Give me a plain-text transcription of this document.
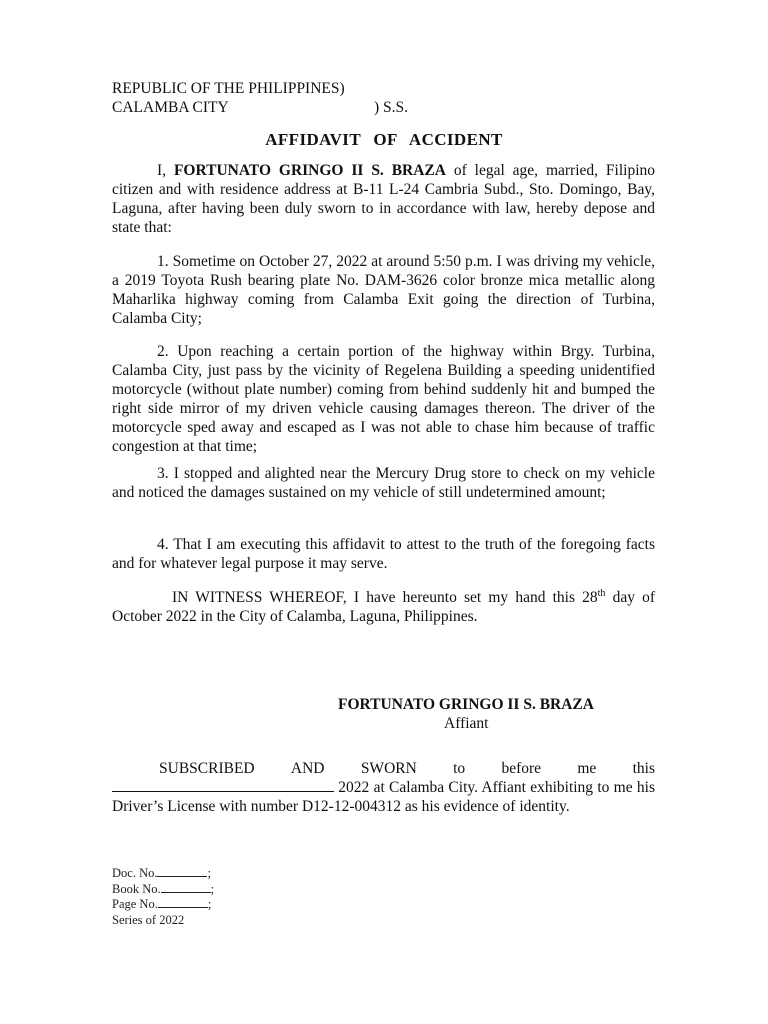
REPUBLIC OF THE PHILIPPINES)
CALAMBA CITY	) S.S.
AFFIDAVIT OF ACCIDENT
I, FORTUNATO GRINGO II S. BRAZA of legal age, married, Filipino citizen and with residence address at B-11 L-24 Cambria Subd., Sto. Domingo, Bay, Laguna, after having been duly sworn to in accordance with law, hereby depose and state that:
1. Sometime on October 27, 2022 at around 5:50 p.m. I was driving my vehicle, a 2019 Toyota Rush bearing plate No. DAM-3626 color bronze mica metallic along Maharlika highway coming from Calamba Exit going the direction of Turbina, Calamba City;
2. Upon reaching a certain portion of the highway within Brgy. Turbina, Calamba City, just pass by the vicinity of Regelena Building a speeding unidentified motorcycle (without plate number) coming from behind suddenly hit and bumped the right side mirror of my driven vehicle causing damages thereon. The driver of the motorcycle sped away and escaped as I was not able to chase him because of traffic congestion at that time;
3. I stopped and alighted near the Mercury Drug store to check on my vehicle and noticed the damages sustained on my vehicle of still undetermined amount;
4. That I am executing this affidavit to attest to the truth of the foregoing facts and for whatever legal purpose it may serve.
IN WITNESS WHEREOF, I have hereunto set my hand this 28th day of October 2022 in the City of Calamba, Laguna, Philippines.
FORTUNATO GRINGO II S. BRAZA
Affiant
SUBSCRIBED AND SWORN to before me this
2022 at Calamba City. Affiant exhibiting to me his Driver’s License with number D12-12-004312 as his evidence of identity.
Doc. No.	;
Book No.	;
Page No.	;
Series of 2022
